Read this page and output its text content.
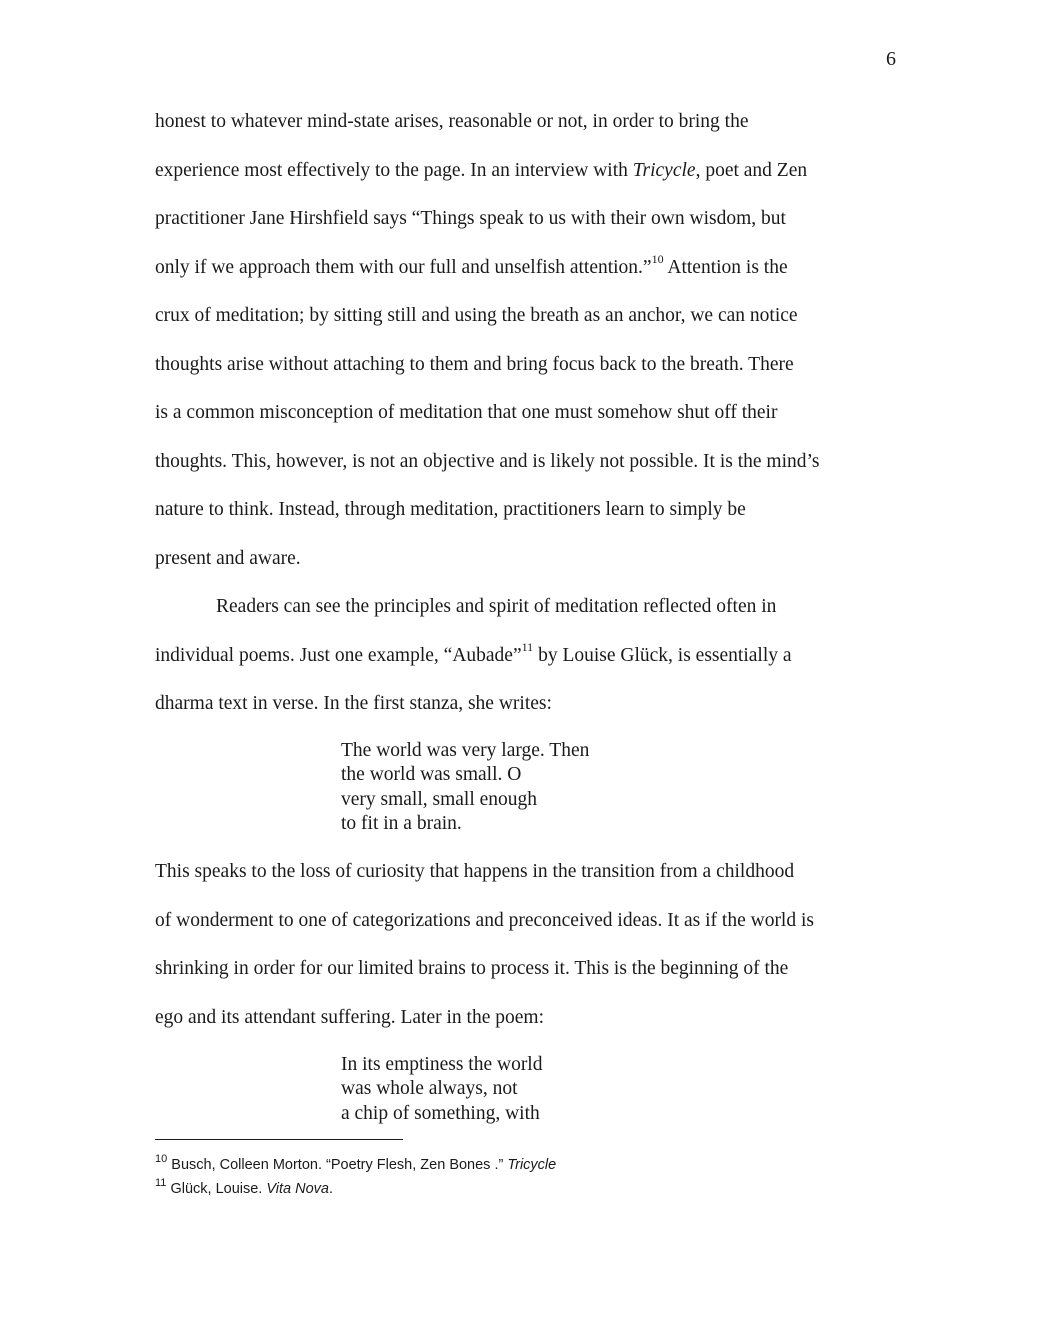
6
honest to whatever mind-state arises, reasonable or not, in order to bring the
experience most effectively to the page. In an interview with Tricycle, poet and Zen
practitioner Jane Hirshfield says “Things speak to us with their own wisdom, but
only if we approach them with our full and unselfish attention.”$^{10}$ Attention is the
crux of meditation; by sitting still and using the breath as an anchor, we can notice
thoughts arise without attaching to them and bring focus back to the breath. There
is a common misconception of meditation that one must somehow shut off their
thoughts. This, however, is not an objective and is likely not possible. It is the mind’s
nature to think. Instead, through meditation, practitioners learn to simply be
present and aware.
Readers can see the principles and spirit of meditation reflected often in
individual poems. Just one example, “Aubade”$^{11}$ by Louise Glück, is essentially a
dharma text in verse. In the first stanza, she writes:
The world was very large. Then
the world was small. O
very small, small enough
to fit in a brain.
This speaks to the loss of curiosity that happens in the transition from a childhood
of wonderment to one of categorizations and preconceived ideas. It as if the world is
shrinking in order for our limited brains to process it. This is the beginning of the
ego and its attendant suffering. Later in the poem:
In its emptiness the world
was whole always, not
a chip of something, with
$^{10}$ Busch, Colleen Morton. “Poetry Flesh, Zen Bones .” Tricycle
$^{11}$ Glück, Louise. Vita Nova.
